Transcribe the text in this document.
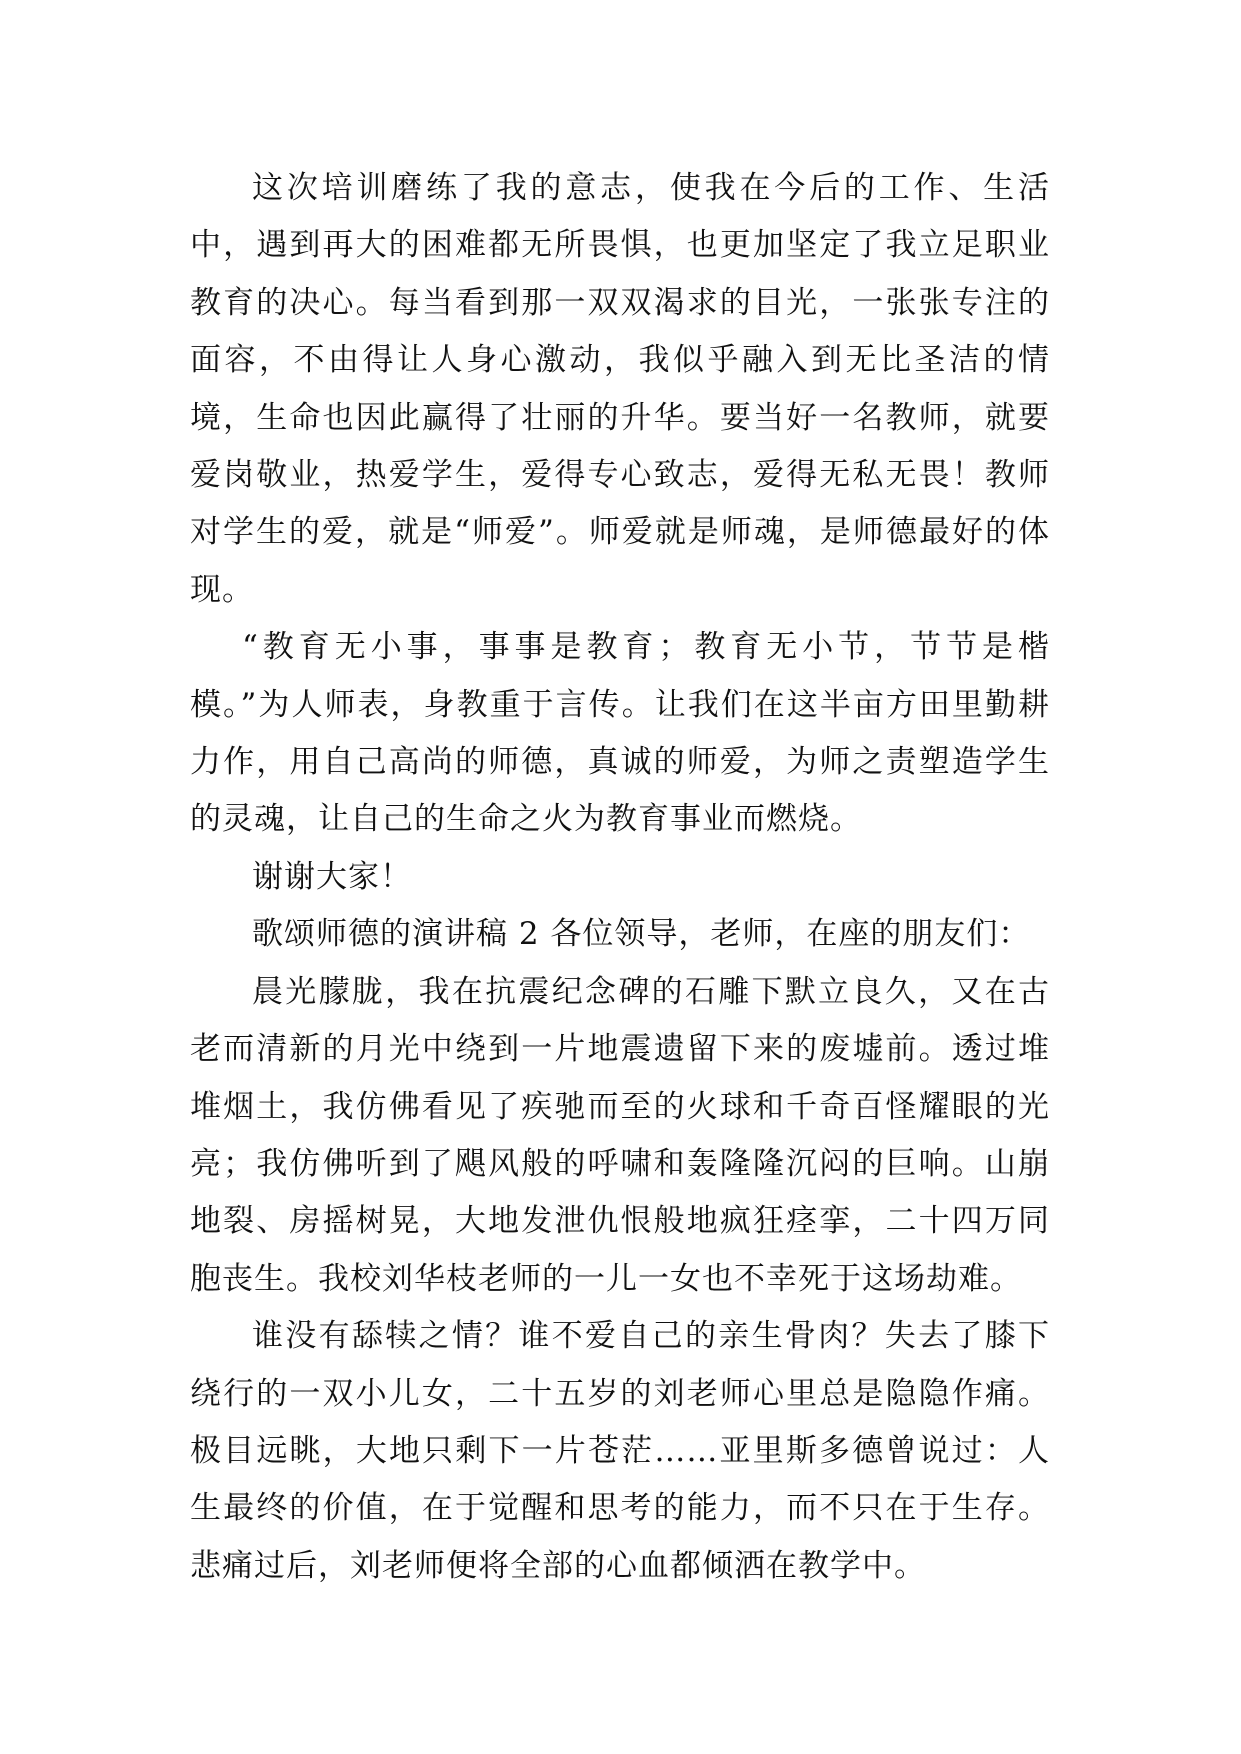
这次培训磨练了我的意志，使我在今后的工作、生活中，遇到再大的困难都无所畏惧，也更加坚定了我立足职业教育的决心。每当看到那一双双渴求的目光，一张张专注的面容，不由得让人身心激动，我似乎融入到无比圣洁的情境，生命也因此赢得了壮丽的升华。要当好一名教师，就要爱岗敬业，热爱学生，爱得专心致志，爱得无私无畏！教师对学生的爱，就是“师爱”。师爱就是师魂，是师德最好的体现。

“教育无小事，事事是教育；教育无小节，节节是楷模。”为人师表，身教重于言传。让我们在这半亩方田里勤耕力作，用自己高尚的师德，真诚的师爱，为师之责塑造学生的灵魂，让自己的生命之火为教育事业而燃烧。

谢谢大家！

歌颂师德的演讲稿 2 各位领导，老师，在座的朋友们：

晨光朦胧，我在抗震纪念碑的石雕下默立良久，又在古老而清新的月光中绕到一片地震遗留下来的废墟前。透过堆堆烟土，我仿佛看见了疾驰而至的火球和千奇百怪耀眼的光亮；我仿佛听到了飓风般的呼啸和轰隆隆沉闷的巨响。山崩地裂、房摇树晃，大地发泄仇恨般地疯狂痉挛，二十四万同胞丧生。我校刘华枝老师的一儿一女也不幸死于这场劫难。

谁没有舔犊之情？谁不爱自己的亲生骨肉？失去了膝下绕行的一双小儿女，二十五岁的刘老师心里总是隐隐作痛。极目远眺，大地只剩下一片苍茫……亚里斯多德曾说过：人生最终的价值，在于觉醒和思考的能力，而不只在于生存。悲痛过后，刘老师便将全部的心血都倾洒在教学中。
